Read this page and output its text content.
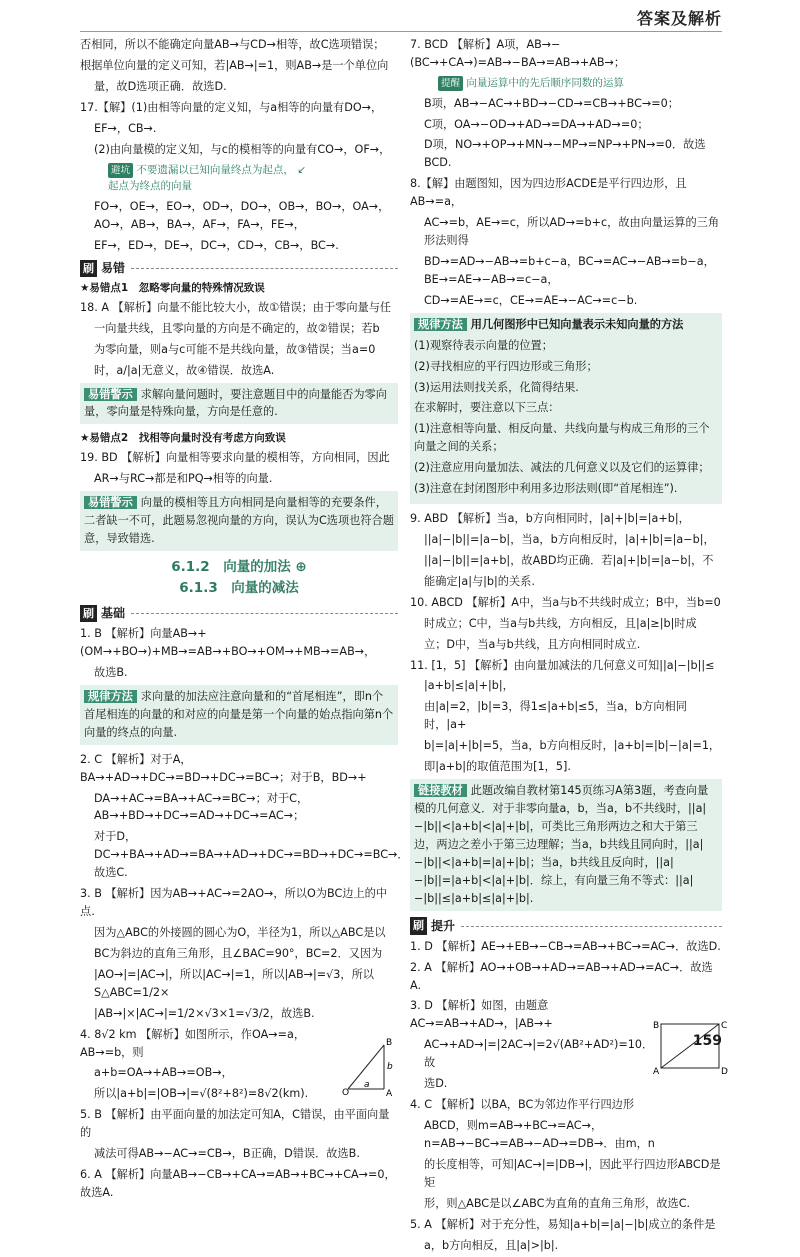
答案及解析

否相同，所以不能确定向量AB→与CD→相等，故C选项错误；

根据单位向量的定义可知，若|AB→|=1，则AB→是一个单位向

量，故D选项正确．故选D.

17.【解】(1)由相等向量的定义知，与a相等的向量有DO→，

EF→，CB→.

(2)由向量模的定义知，与c的模相等的向量有CO→，OF→，

避坑 不要遗漏以已知向量终点为起点， ↙
起点为终点的向量

FO→，OE→，EO→，OD→，DO→，OB→，BO→，OA→，AO→，AB→，BA→，AF→，FA→，FE→，

EF→，ED→，DE→，DC→，CD→，CB→，BC→.

刷 易错

★易错点1　忽略零向量的特殊情况致误

18. A 【解析】向量不能比较大小，故①错误；由于零向量与任

一向量共线，且零向量的方向是不确定的，故②错误；若b

为零向量，则a与c可能不是共线向量，故③错误；当a=0

时，a/|a|无意义，故④错误．故选A.

易错警示 求解向量问题时，要注意题目中的向量能否为零向量，零向量是特殊向量，方向是任意的.

★易错点2　找相等向量时没有考虑方向致误

19. BD 【解析】向量相等要求向量的模相等，方向相同，因此

AR→与RC→都是和PQ→相等的向量.

易错警示 向量的模相等且方向相同是向量相等的充要条件，二者缺一不可，此题易忽视向量的方向，误认为C选项也符合题意，导致错选.

6.1.2　向量的加法 ⊕

6.1.3　向量的减法

刷 基础

1. B 【解析】向量AB→+(OM→+BO→)+MB→=AB→+BO→+OM→+MB→=AB→，

故选B.

规律方法 求向量的加法应注意向量和的“首尾相连”，即n个首尾相连的向量的和对应的向量是第一个向量的始点指向第n个向量的终点的向量.

2. C 【解析】对于A，BA→+AD→+DC→=BD→+DC→=BC→；对于B，BD→+

DA→+AC→=BA→+AC→=BC→；对于C，AB→+BD→+DC→=AD→+DC→=AC→；

对于D，DC→+BA→+AD→=BA→+AD→+DC→=BD→+DC→=BC→．故选C.

3. B 【解析】因为AB→+AC→=2AO→，所以O为BC边上的中点.

因为△ABC的外接圆的圆心为O，半径为1，所以△ABC是以

BC为斜边的直角三角形，且∠BAC=90°，BC=2．又因为

|AO→|=|AC→|，所以|AC→|=1，所以|AB→|=√3，所以S△ABC=1/2×

|AB→|×|AC→|=1/2×√3×1=√3/2，故选B.

4. 8√2 km 【解析】如图所示，作OA→=a，AB→=b，则

a+b=OA→+AB→=OB→，

所以|a+b|=|OB→|=√(8²+8²)=8√2(km).

B
b
O
a
A

5. B 【解析】由平面向量的加法定可知A，C错误，由平面向量的

减法可得AB→−AC→=CB→，B正确，D错误．故选B.

6. A 【解析】向量AB→−CB→+CA→=AB→+BC→+CA→=0，故选A.

7. BCD 【解析】A项，AB→−(BC→+CA→)=AB→−BA→=AB→+AB→；

提醒 向量运算中的先后顺序同数的运算

B项，AB→−AC→+BD→−CD→=CB→+BC→=0；

C项，OA→−OD→+AD→=DA→+AD→=0；

D项，NO→+OP→+MN→−MP→=NP→+PN→=0．故选BCD.

8.【解】由题图知，因为四边形ACDE是平行四边形，且AB→=a，

AC→=b，AE→=c，所以AD→=b+c，故由向量运算的三角形法则得

BD→=AD→−AB→=b+c−a，BC→=AC→−AB→=b−a，BE→=AE→−AB→=c−a，

CD→=AE→=c，CE→=AE→−AC→=c−b.

规律方法 用几何图形中已知向量表示未知向量的方法

(1)观察待表示向量的位置；

(2)寻找相应的平行四边形或三角形；

(3)运用法则找关系，化简得结果.

在求解时，要注意以下三点：

(1)注意相等向量、相反向量、共线向量与构成三角形的三个向量之间的关系；

(2)注意应用向量加法、减法的几何意义以及它们的运算律；

(3)注意在封闭图形中利用多边形法则(即“首尾相连”).

9. ABD 【解析】当a，b方向相同时，|a|+|b|=|a+b|，

||a|−|b||=|a−b|，当a，b方向相反时，|a|+|b|=|a−b|，

||a|−|b||=|a+b|，故ABD均正确．若|a|+|b|=|a−b|，不

能确定|a|与|b|的关系.

10. ABCD 【解析】A中，当a与b不共线时成立；B中，当b=0

时成立；C中，当a与b共线，方向相反，且|a|≥|b|时成

立；D中，当a与b共线，且方向相同时成立.

11. [1，5] 【解析】由向量加减法的几何意义可知||a|−|b||≤

|a+b|≤|a|+|b|，

由|a|=2，|b|=3，得1≤|a+b|≤5，当a，b方向相同时，|a+

b|=|a|+|b|=5，当a，b方向相反时，|a+b|=|b|−|a|=1，

即|a+b|的取值范围为[1，5].

链接教材 此题改编自教材第145页练习A第3题，考查向量模的几何意义．对于非零向量a，b，当a，b不共线时，||a|−|b||<|a+b|<|a|+|b|，可类比三角形两边之和大于第三边，两边之差小于第三边理解；当a，b共线且同向时，||a|−|b||<|a+b|=|a|+|b|；当a，b共线且反向时，||a|−|b||=|a+b|<|a|+|b|．综上，有向量三角不等式：||a|−|b||≤|a+b|≤|a|+|b|.
刷 提升

1. D 【解析】AE→+EB→−CB→=AB→+BC→=AC→．故选D.

2. A 【解析】AO→+OB→+AD→=AB→+AD→=AC→．故选A.

3. D 【解析】如图，由题意AC→=AB→+AD→，|AB→+

AC→+AD→|=|2AC→|=2√(AB²+AD²)=10．故

选D.

B	C
A	D

4. C 【解析】以BA，BC为邻边作平行四边形

ABCD，则m=AB→+BC→=AC→，n=AB→−BC→=AB→−AD→=DB→．由m，n

的长度相等，可知|AC→|=|DB→|，因此平行四边形ABCD是矩

形，则△ABC是以∠ABC为直角的直角三角形，故选C.

5. A 【解析】对于充分性，易知|a+b|=|a|−|b|成立的条件是

a，b方向相反，且|a|>|b|.

159
